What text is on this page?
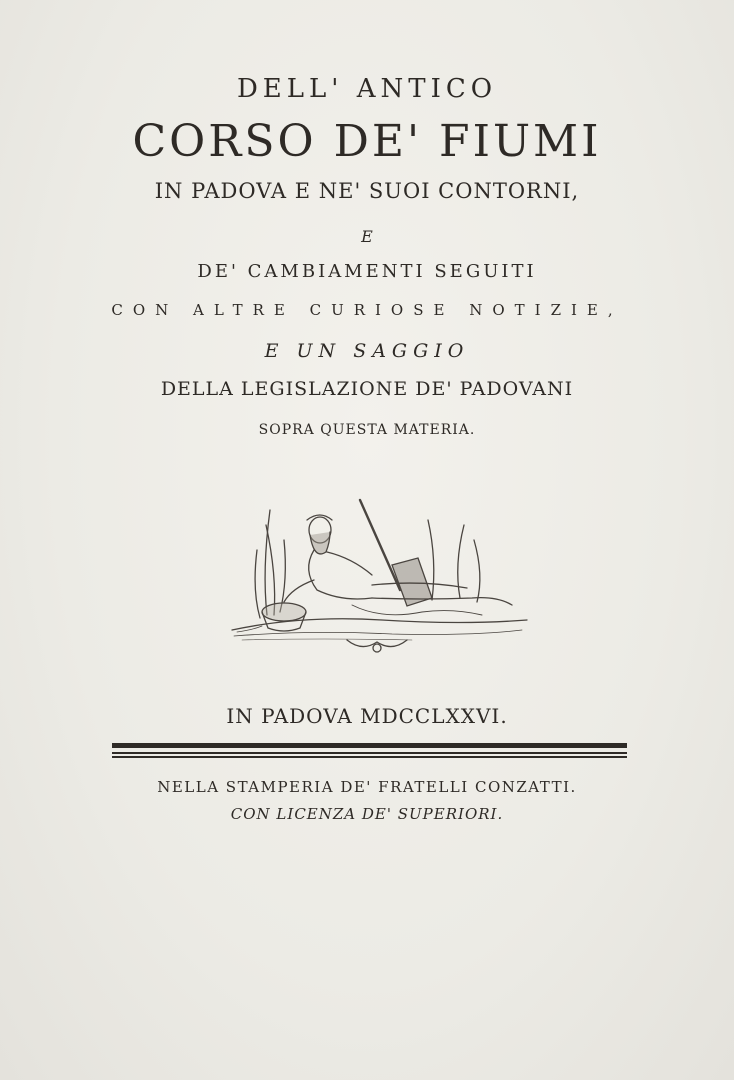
DELL' ANTICO
CORSO DE' FIUMI
IN PADOVA E NE' SUOI CONTORNI,
E
DE' CAMBIAMENTI SEGUITI
CON ALTRE CURIOSE NOTIZIE,
E UN SAGGIO
DELLA LEGISLAZIONE DE' PADOVANI
SOPRA QUESTA MATERIA.
IN PADOVA MDCCLXXVI.
NELLA STAMPERIA DE' FRATELLI CONZATTI.
CON LICENZA DE' SUPERIORI.
